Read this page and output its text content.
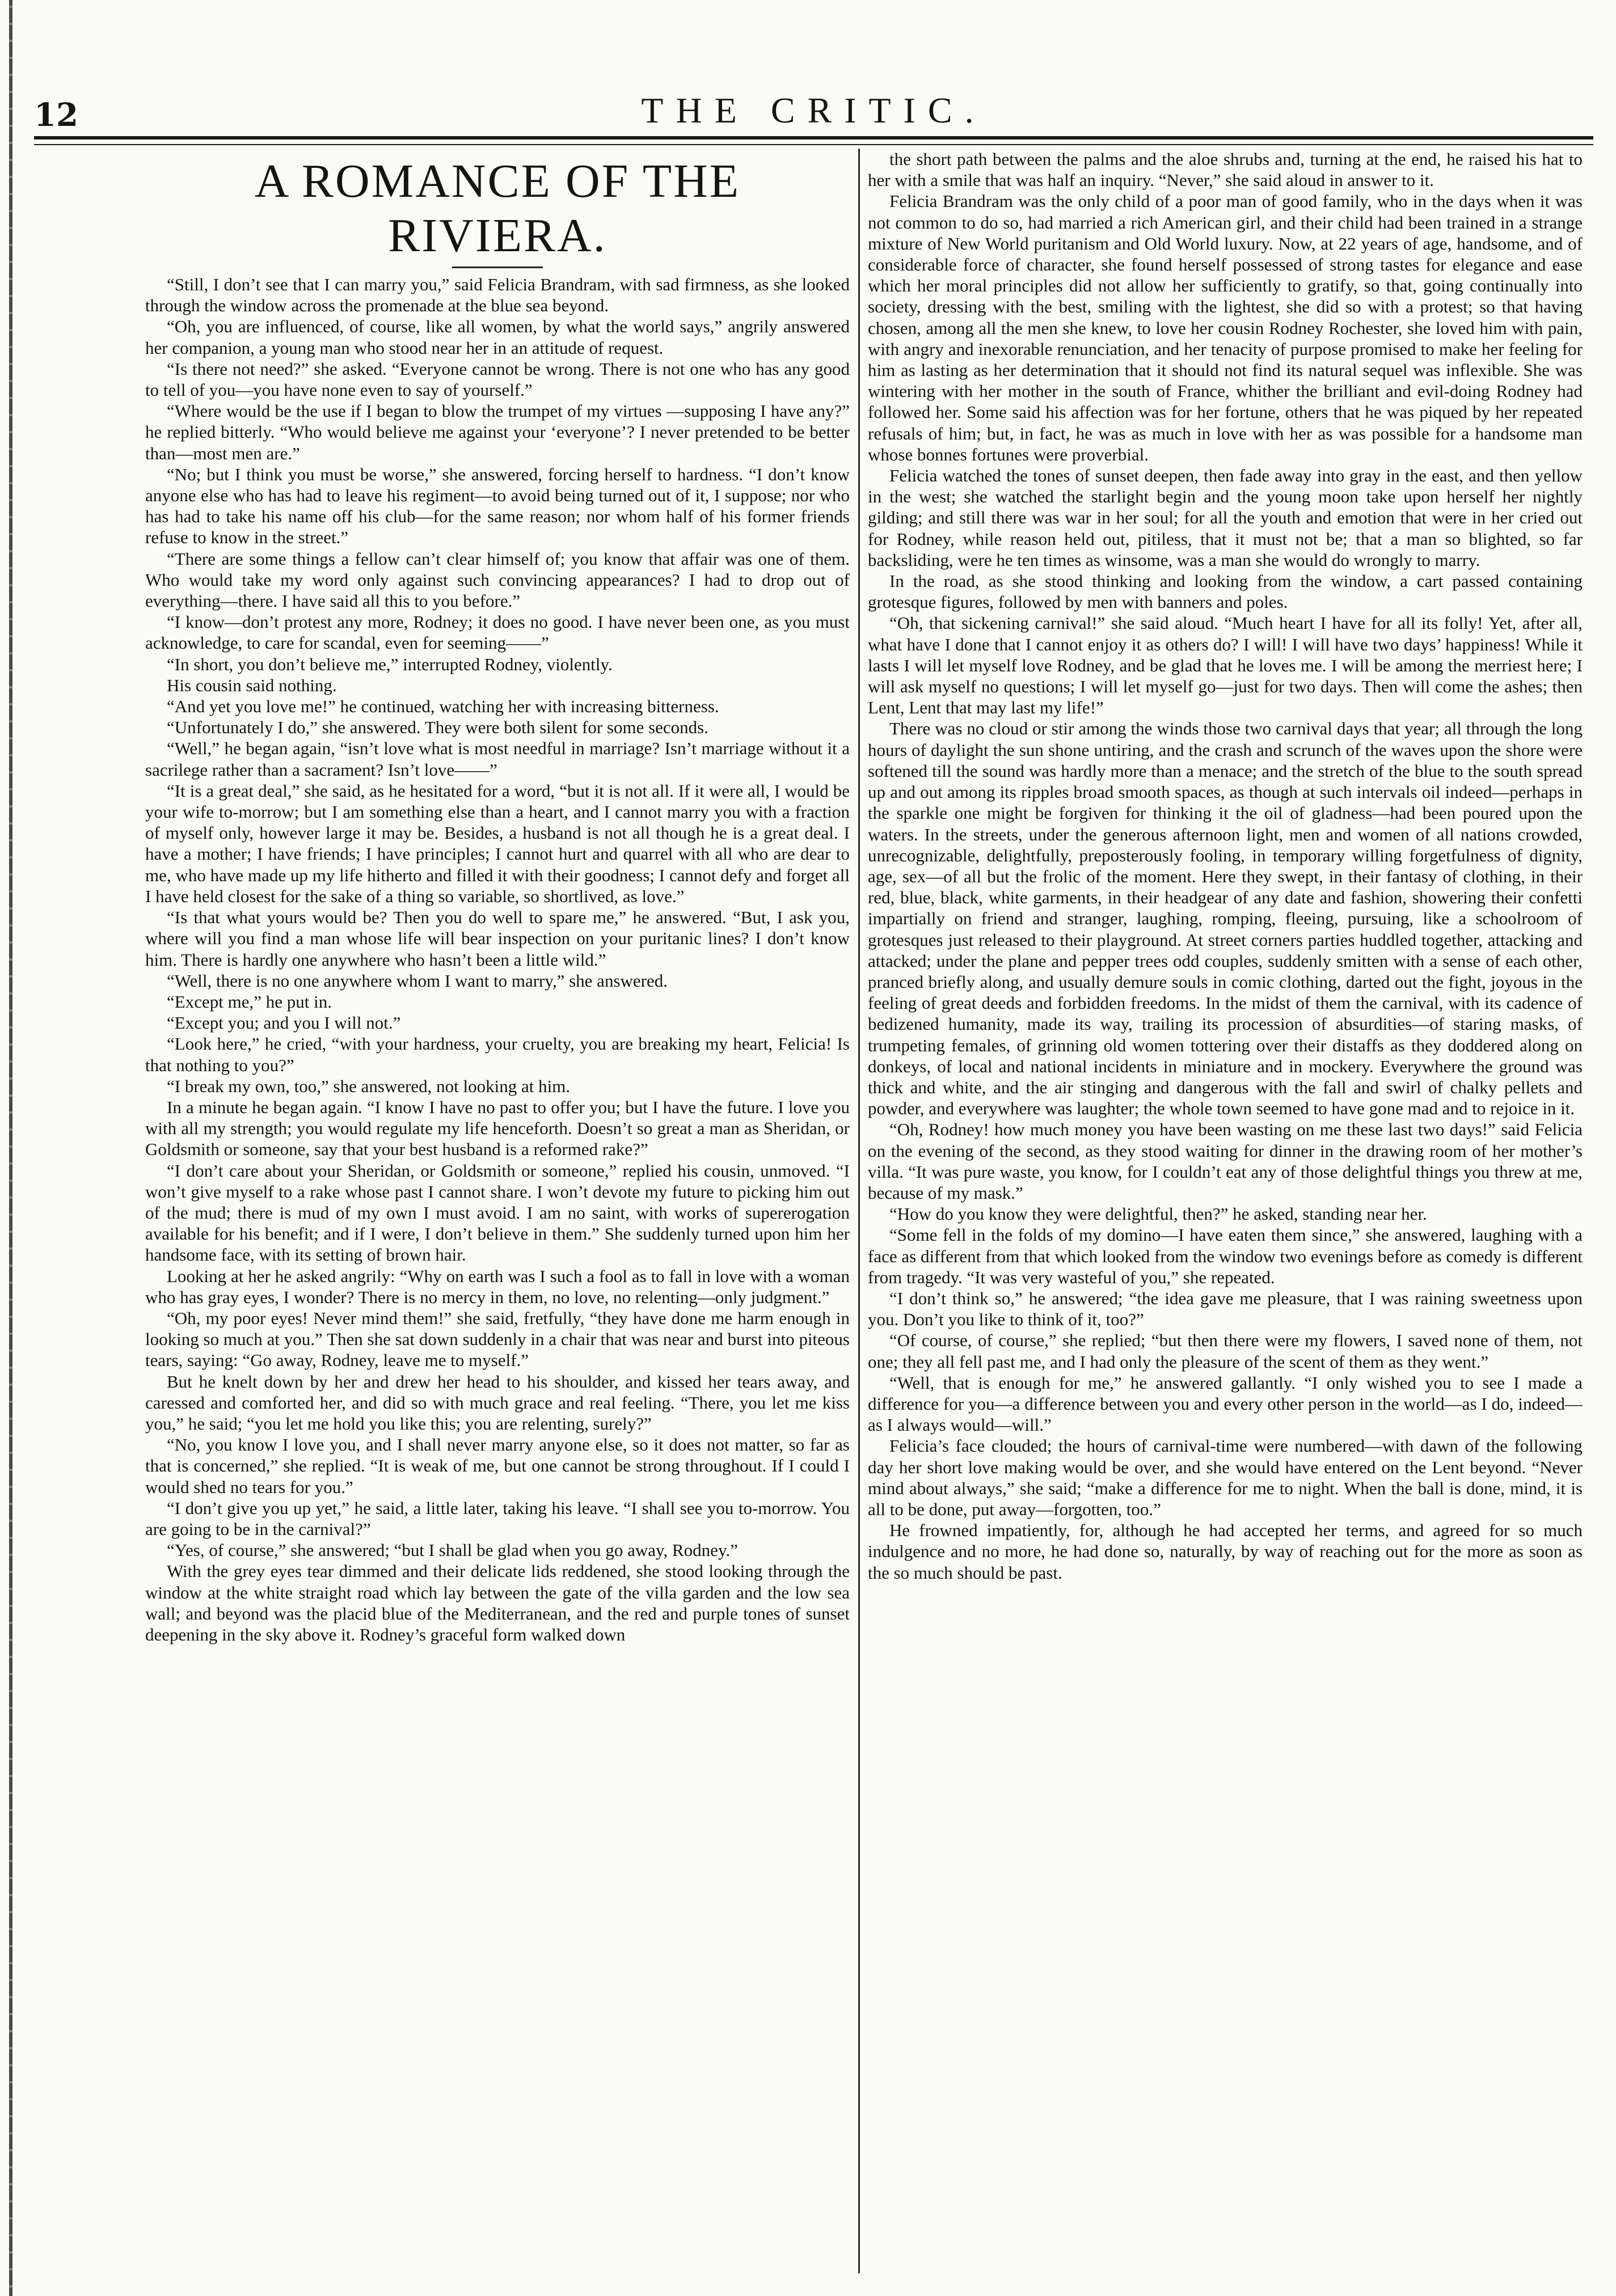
12	THE CRITIC.
A ROMANCE OF THE RIVIERA.

“Still, I don’t see that I can marry you,” said Felicia Brandram, with sad firmness, as she looked through the window across the promenade at the blue sea beyond.

“Oh, you are influenced, of course, like all women, by what the world says,” angrily answered her companion, a young man who stood near her in an attitude of request.

“Is there not need?” she asked. “Everyone cannot be wrong. There is not one who has any good to tell of you—you have none even to say of yourself.”

“Where would be the use if I began to blow the trumpet of my virtues —supposing I have any?” he replied bitterly. “Who would believe me against your ‘everyone’? I never pretended to be better than—most men are.”

“No; but I think you must be worse,” she answered, forcing herself to hardness. “I don’t know anyone else who has had to leave his regiment—to avoid being turned out of it, I suppose; nor who has had to take his name off his club—for the same reason; nor whom half of his former friends refuse to know in the street.”

“There are some things a fellow can’t clear himself of; you know that affair was one of them. Who would take my word only against such convincing appearances? I had to drop out of everything—there. I have said all this to you before.”

“I know—don’t protest any more, Rodney; it does no good. I have never been one, as you must acknowledge, to care for scandal, even for seeming——”

“In short, you don’t believe me,” interrupted Rodney, violently.

His cousin said nothing.

“And yet you love me!” he continued, watching her with increasing bitterness.

“Unfortunately I do,” she answered. They were both silent for some seconds.

“Well,” he began again, “isn’t love what is most needful in marriage? Isn’t marriage without it a sacrilege rather than a sacrament? Isn’t love——”

“It is a great deal,” she said, as he hesitated for a word, “but it is not all. If it were all, I would be your wife to-morrow; but I am something else than a heart, and I cannot marry you with a fraction of myself only, however large it may be. Besides, a husband is not all though he is a great deal. I have a mother; I have friends; I have principles; I cannot hurt and quarrel with all who are dear to me, who have made up my life hitherto and filled it with their goodness; I cannot defy and forget all I have held closest for the sake of a thing so variable, so shortlived, as love.”

“Is that what yours would be? Then you do well to spare me,” he answered. “But, I ask you, where will you find a man whose life will bear inspection on your puritanic lines? I don’t know him. There is hardly one anywhere who hasn’t been a little wild.”

“Well, there is no one anywhere whom I want to marry,” she answered.

“Except me,” he put in.

“Except you; and you I will not.”

“Look here,” he cried, “with your hardness, your cruelty, you are breaking my heart, Felicia! Is that nothing to you?”

“I break my own, too,” she answered, not looking at him.

In a minute he began again. “I know I have no past to offer you; but I have the future. I love you with all my strength; you would regulate my life henceforth. Doesn’t so great a man as Sheridan, or Goldsmith or someone, say that your best husband is a reformed rake?”

“I don’t care about your Sheridan, or Goldsmith or someone,” replied his cousin, unmoved. “I won’t give myself to a rake whose past I cannot share. I won’t devote my future to picking him out of the mud; there is mud of my own I must avoid. I am no saint, with works of supererogation available for his benefit; and if I were, I don’t believe in them.” She suddenly turned upon him her handsome face, with its setting of brown hair.

Looking at her he asked angrily: “Why on earth was I such a fool as to fall in love with a woman who has gray eyes, I wonder? There is no mercy in them, no love, no relenting—only judgment.”

“Oh, my poor eyes! Never mind them!” she said, fretfully, “they have done me harm enough in looking so much at you.” Then she sat down suddenly in a chair that was near and burst into piteous tears, saying: “Go away, Rodney, leave me to myself.”

But he knelt down by her and drew her head to his shoulder, and kissed her tears away, and caressed and comforted her, and did so with much grace and real feeling. “There, you let me kiss you,” he said; “you let me hold you like this; you are relenting, surely?”

“No, you know I love you, and I shall never marry anyone else, so it does not matter, so far as that is concerned,” she replied. “It is weak of me, but one cannot be strong throughout. If I could I would shed no tears for you.”

“I don’t give you up yet,” he said, a little later, taking his leave. “I shall see you to-morrow. You are going to be in the carnival?”

“Yes, of course,” she answered; “but I shall be glad when you go away, Rodney.”

With the grey eyes tear dimmed and their delicate lids reddened, she stood looking through the window at the white straight road which lay between the gate of the villa garden and the low sea wall; and beyond was the placid blue of the Mediterranean, and the red and purple tones of sunset deepening in the sky above it. Rodney’s graceful form walked down

the short path between the palms and the aloe shrubs and, turning at the end, he raised his hat to her with a smile that was half an inquiry. “Never,” she said aloud in answer to it.

Felicia Brandram was the only child of a poor man of good family, who in the days when it was not common to do so, had married a rich American girl, and their child had been trained in a strange mixture of New World puritanism and Old World luxury. Now, at 22 years of age, handsome, and of considerable force of character, she found herself possessed of strong tastes for elegance and ease which her moral principles did not allow her sufficiently to gratify, so that, going continually into society, dressing with the best, smiling with the lightest, she did so with a protest; so that having chosen, among all the men she knew, to love her cousin Rodney Rochester, she loved him with pain, with angry and inexorable renunciation, and her tenacity of purpose promised to make her feeling for him as lasting as her determination that it should not find its natural sequel was inflexible. She was wintering with her mother in the south of France, whither the brilliant and evil-doing Rodney had followed her. Some said his affection was for her fortune, others that he was piqued by her repeated refusals of him; but, in fact, he was as much in love with her as was possible for a handsome man whose bonnes fortunes were proverbial.

Felicia watched the tones of sunset deepen, then fade away into gray in the east, and then yellow in the west; she watched the starlight begin and the young moon take upon herself her nightly gilding; and still there was war in her soul; for all the youth and emotion that were in her cried out for Rodney, while reason held out, pitiless, that it must not be; that a man so blighted, so far backsliding, were he ten times as winsome, was a man she would do wrongly to marry.

In the road, as she stood thinking and looking from the window, a cart passed containing grotesque figures, followed by men with banners and poles.

“Oh, that sickening carnival!” she said aloud. “Much heart I have for all its folly! Yet, after all, what have I done that I cannot enjoy it as others do? I will! I will have two days’ happiness! While it lasts I will let myself love Rodney, and be glad that he loves me. I will be among the merriest here; I will ask myself no questions; I will let myself go—just for two days. Then will come the ashes; then Lent, Lent that may last my life!”

There was no cloud or stir among the winds those two carnival days that year; all through the long hours of daylight the sun shone untiring, and the crash and scrunch of the waves upon the shore were softened till the sound was hardly more than a menace; and the stretch of the blue to the south spread up and out among its ripples broad smooth spaces, as though at such intervals oil indeed—perhaps in the sparkle one might be forgiven for thinking it the oil of gladness—had been poured upon the waters. In the streets, under the generous afternoon light, men and women of all nations crowded, unrecognizable, delightfully, preposterously fooling, in temporary willing forgetfulness of dignity, age, sex—of all but the frolic of the moment. Here they swept, in their fantasy of clothing, in their red, blue, black, white garments, in their headgear of any date and fashion, showering their confetti impartially on friend and stranger, laughing, romping, fleeing, pursuing, like a schoolroom of grotesques just released to their playground. At street corners parties huddled together, attacking and attacked; under the plane and pepper trees odd couples, suddenly smitten with a sense of each other, pranced briefly along, and usually demure souls in comic clothing, darted out the fight, joyous in the feeling of great deeds and forbidden freedoms. In the midst of them the carnival, with its cadence of bedizened humanity, made its way, trailing its procession of absurdities—of staring masks, of trumpeting females, of grinning old women tottering over their distaffs as they doddered along on donkeys, of local and national incidents in miniature and in mockery. Everywhere the ground was thick and white, and the air stinging and dangerous with the fall and swirl of chalky pellets and powder, and everywhere was laughter; the whole town seemed to have gone mad and to rejoice in it.

“Oh, Rodney! how much money you have been wasting on me these last two days!” said Felicia on the evening of the second, as they stood waiting for dinner in the drawing room of her mother’s villa. “It was pure waste, you know, for I couldn’t eat any of those delightful things you threw at me, because of my mask.”

“How do you know they were delightful, then?” he asked, standing near her.

“Some fell in the folds of my domino—I have eaten them since,” she answered, laughing with a face as different from that which looked from the window two evenings before as comedy is different from tragedy. “It was very wasteful of you,” she repeated.

“I don’t think so,” he answered; “the idea gave me pleasure, that I was raining sweetness upon you. Don’t you like to think of it, too?”

“Of course, of course,” she replied; “but then there were my flowers, I saved none of them, not one; they all fell past me, and I had only the pleasure of the scent of them as they went.”

“Well, that is enough for me,” he answered gallantly. “I only wished you to see I made a difference for you—a difference between you and every other person in the world—as I do, indeed—as I always would—will.”

Felicia’s face clouded; the hours of carnival-time were numbered—with dawn of the following day her short love making would be over, and she would have entered on the Lent beyond. “Never mind about always,” she said; “make a difference for me to night. When the ball is done, mind, it is all to be done, put away—forgotten, too.”

He frowned impatiently, for, although he had accepted her terms, and agreed for so much indulgence and no more, he had done so, naturally, by way of reaching out for the more as soon as the so much should be past.
